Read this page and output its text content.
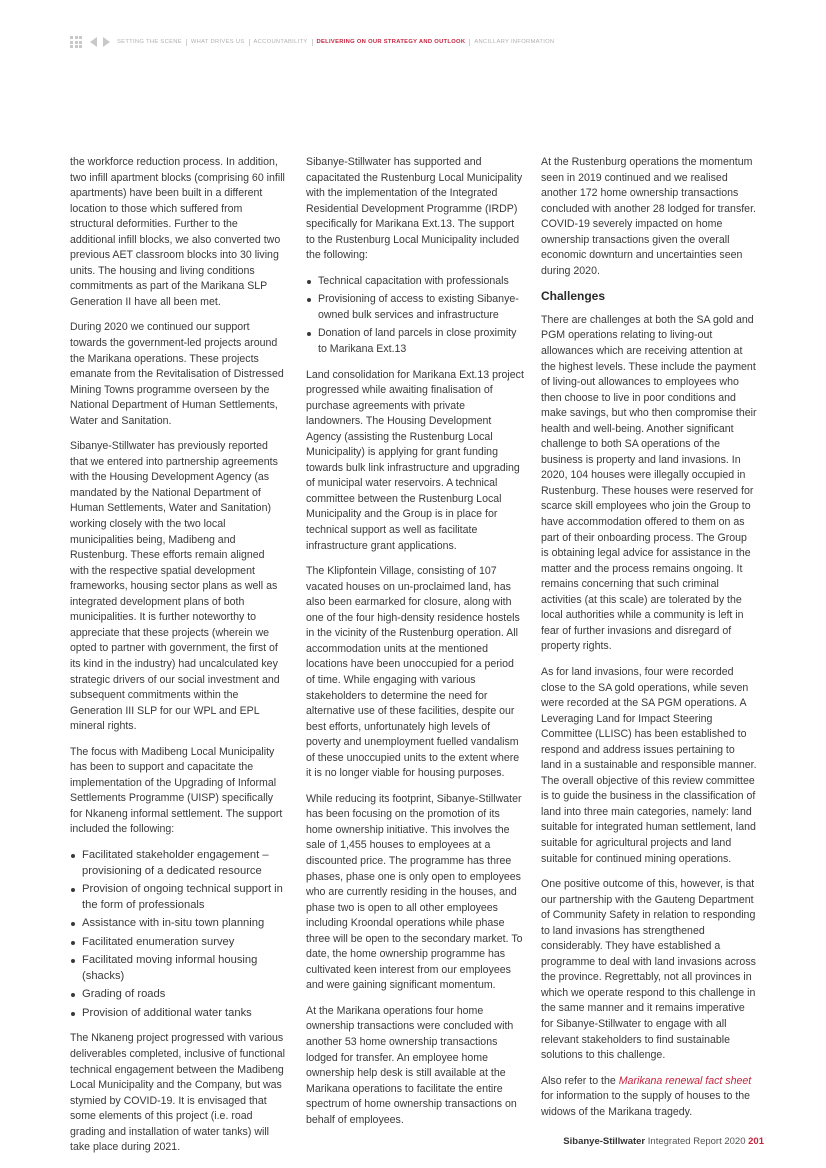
SETTING THE SCENE WHAT DRIVES US ACCOUNTABILITY DELIVERING ON OUR STRATEGY AND OUTLOOK ANCILLARY INFORMATION

the workforce reduction process. In addition, two infill apartment blocks (comprising 60 infill apartments) have been built in a different location to those which suffered from structural deformities. Further to the additional infill blocks, we also converted two previous AET classroom blocks into 30 living units. The housing and living conditions commitments as part of the Marikana SLP Generation II have all been met.

During 2020 we continued our support towards the government-led projects around the Marikana operations. These projects emanate from the Revitalisation of Distressed Mining Towns programme overseen by the National Department of Human Settlements, Water and Sanitation.

Sibanye-Stillwater has previously reported that we entered into partnership agreements with the Housing Development Agency (as mandated by the National Department of Human Settlements, Water and Sanitation) working closely with the two local municipalities being, Madibeng and Rustenburg. These efforts remain aligned with the respective spatial development frameworks, housing sector plans as well as integrated development plans of both municipalities. It is further noteworthy to appreciate that these projects (wherein we opted to partner with government, the first of its kind in the industry) had uncalculated key strategic drivers of our social investment and subsequent commitments within the Generation III SLP for our WPL and EPL mineral rights.

The focus with Madibeng Local Municipality has been to support and capacitate the implementation of the Upgrading of Informal Settlements Programme (UISP) specifically for Nkaneng informal settlement. The support included the following:

Facilitated stakeholder engagement – provisioning of a dedicated resource
Provision of ongoing technical support in the form of professionals
Assistance with in-situ town planning
Facilitated enumeration survey
Facilitated moving informal housing (shacks)
Grading of roads
Provision of additional water tanks

The Nkaneng project progressed with various deliverables completed, inclusive of functional technical engagement between the Madibeng Local Municipality and the Company, but was stymied by COVID-19. It is envisaged that some elements of this project (i.e. road grading and installation of water tanks) will take place during 2021.

Sibanye-Stillwater has supported and capacitated the Rustenburg Local Municipality with the implementation of the Integrated Residential Development Programme (IRDP) specifically for Marikana Ext.13. The support to the Rustenburg Local Municipality included the following:

Technical capacitation with professionals
Provisioning of access to existing Sibanye-owned bulk services and infrastructure
Donation of land parcels in close proximity to Marikana Ext.13

Land consolidation for Marikana Ext.13 project progressed while awaiting finalisation of purchase agreements with private landowners. The Housing Development Agency (assisting the Rustenburg Local Municipality) is applying for grant funding towards bulk link infrastructure and upgrading of municipal water reservoirs. A technical committee between the Rustenburg Local Municipality and the Group is in place for technical support as well as facilitate infrastructure grant applications.

The Klipfontein Village, consisting of 107 vacated houses on un-proclaimed land, has also been earmarked for closure, along with one of the four high-density residence hostels in the vicinity of the Rustenburg operation. All accommodation units at the mentioned locations have been unoccupied for a period of time. While engaging with various stakeholders to determine the need for alternative use of these facilities, despite our best efforts, unfortunately high levels of poverty and unemployment fuelled vandalism of these unoccupied units to the extent where it is no longer viable for housing purposes.

While reducing its footprint, Sibanye-Stillwater has been focusing on the promotion of its home ownership initiative. This involves the sale of 1,455 houses to employees at a discounted price. The programme has three phases, phase one is only open to employees who are currently residing in the houses, and phase two is open to all other employees including Kroondal operations while phase three will be open to the secondary market. To date, the home ownership programme has cultivated keen interest from our employees and were gaining significant momentum.

At the Marikana operations four home ownership transactions were concluded with another 53 home ownership transactions lodged for transfer. An employee home ownership help desk is still available at the Marikana operations to facilitate the entire spectrum of home ownership transactions on behalf of employees.

At the Rustenburg operations the momentum seen in 2019 continued and we realised another 172 home ownership transactions concluded with another 28 lodged for transfer. COVID-19 severely impacted on home ownership transactions given the overall economic downturn and uncertainties seen during 2020.

Challenges

There are challenges at both the SA gold and PGM operations relating to living-out allowances which are receiving attention at the highest levels. These include the payment of living-out allowances to employees who then choose to live in poor conditions and make savings, but who then compromise their health and well-being. Another significant challenge to both SA operations of the business is property and land invasions. In 2020, 104 houses were illegally occupied in Rustenburg. These houses were reserved for scarce skill employees who join the Group to have accommodation offered to them on as part of their onboarding process. The Group is obtaining legal advice for assistance in the matter and the process remains ongoing. It remains concerning that such criminal activities (at this scale) are tolerated by the local authorities while a community is left in fear of further invasions and disregard of property rights.

As for land invasions, four were recorded close to the SA gold operations, while seven were recorded at the SA PGM operations. A Leveraging Land for Impact Steering Committee (LLISC) has been established to respond and address issues pertaining to land in a sustainable and responsible manner. The overall objective of this review committee is to guide the business in the classification of land into three main categories, namely: land suitable for integrated human settlement, land suitable for agricultural projects and land suitable for continued mining operations.

One positive outcome of this, however, is that our partnership with the Gauteng Department of Community Safety in relation to responding to land invasions has strengthened considerably. They have established a programme to deal with land invasions across the province. Regrettably, not all provinces in which we operate respond to this challenge in the same manner and it remains imperative for Sibanye-Stillwater to engage with all relevant stakeholders to find sustainable solutions to this challenge.

Also refer to the Marikana renewal fact sheet for information to the supply of houses to the widows of the Marikana tragedy.

Sibanye-Stillwater Integrated Report 2020 201
